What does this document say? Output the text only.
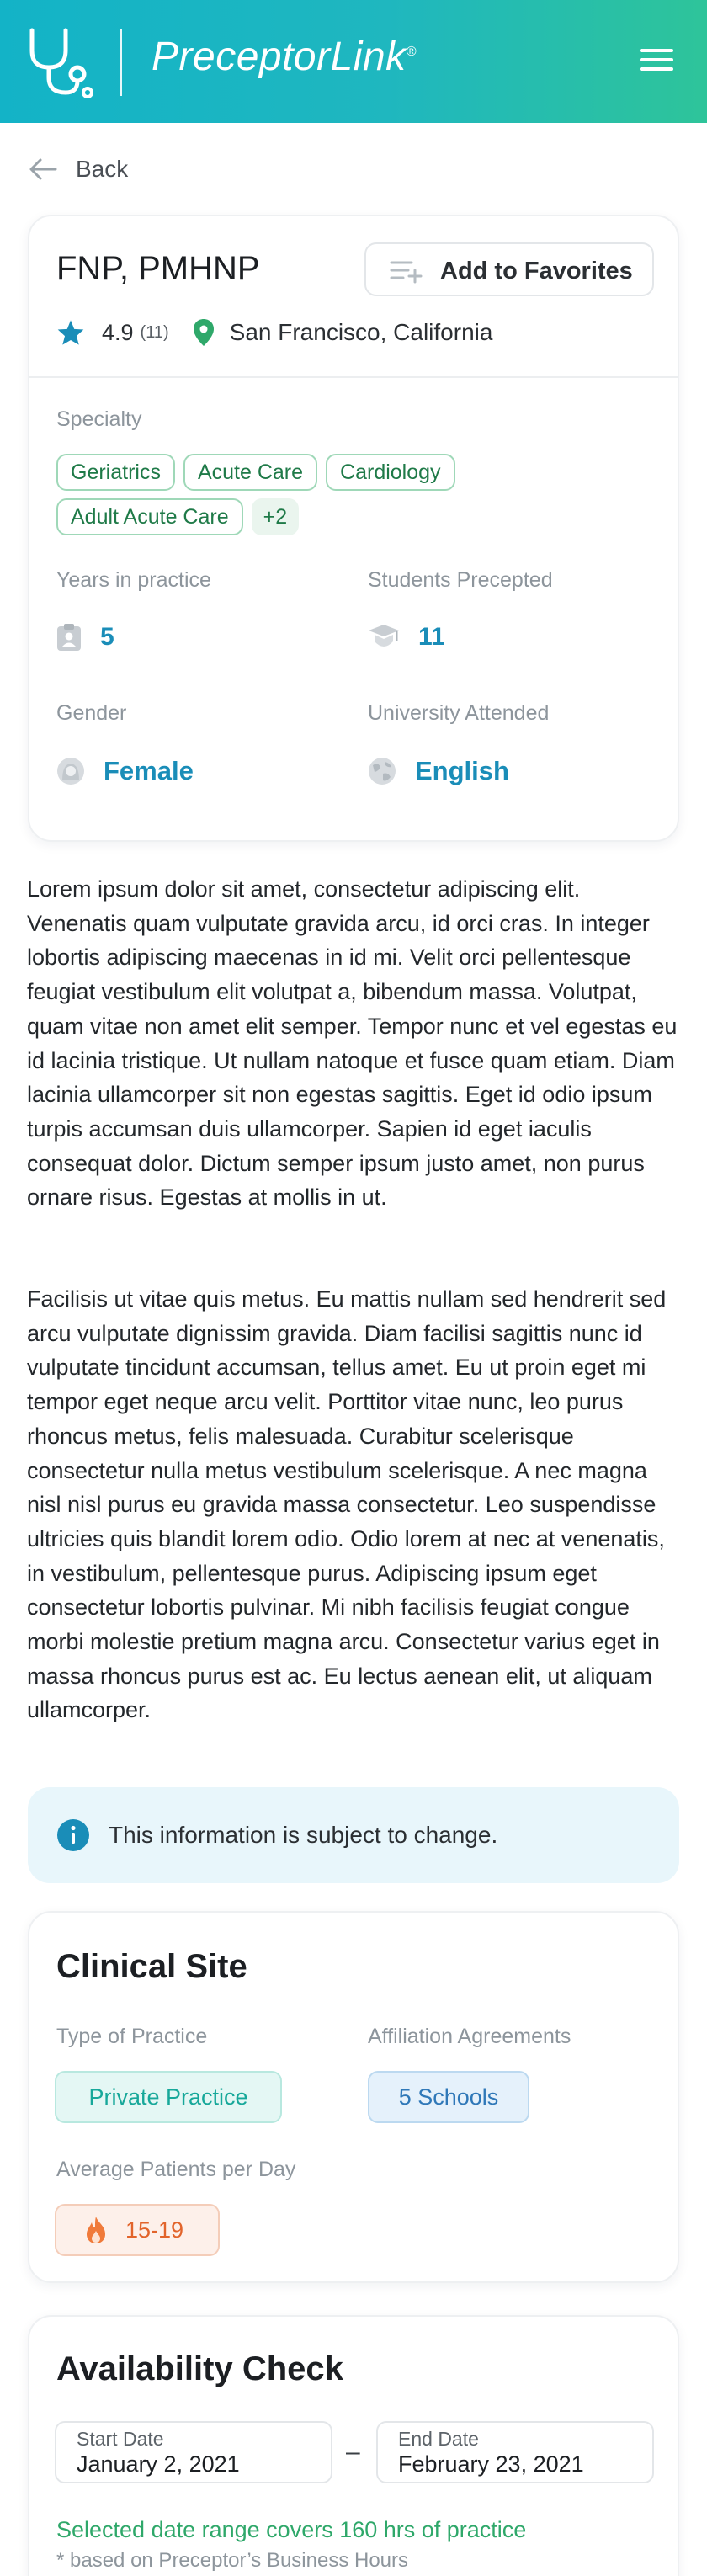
PreceptorLink®
Back
FNP, PMHNP	Add to Favorites
4.9 (11)	San Francisco, California
Specialty
Geriatrics	Acute Care	Cardiology
Adult Acute Care	+2
Years in practice
5
Students Precepted
11
Gender
Female
University Attended
English
Lorem ipsum dolor sit amet, consectetur adipiscing elit. Venenatis quam vulputate gravida arcu, id orci cras. In integer lobortis adipiscing maecenas in id mi. Velit orci pellentesque feugiat vestibulum elit volutpat a, bibendum massa. Volutpat, quam vitae non amet elit semper. Tempor nunc et vel egestas eu id lacinia tristique. Ut nullam natoque et fusce quam etiam. Diam lacinia ullamcorper sit non egestas sagittis. Eget id odio ipsum turpis accumsan duis ullamcorper. Sapien id eget iaculis consequat dolor. Dictum semper ipsum justo amet, non purus ornare risus. Egestas at mollis in ut.
Facilisis ut vitae quis metus. Eu mattis nullam sed hendrerit sed arcu vulputate dignissim gravida. Diam facilisi sagittis nunc id vulputate tincidunt accumsan, tellus amet. Eu ut proin eget mi tempor eget neque arcu velit. Porttitor vitae nunc, leo purus rhoncus metus, felis malesuada. Curabitur scelerisque consectetur nulla metus vestibulum scelerisque. A nec magna nisl nisl purus eu gravida massa consectetur. Leo suspendisse ultricies quis blandit lorem odio. Odio lorem at nec at venenatis, in vestibulum, pellentesque purus. Adipiscing ipsum eget consectetur lobortis pulvinar. Mi nibh facilisis feugiat congue morbi molestie pretium magna arcu. Consectetur varius eget in massa rhoncus purus est ac. Eu lectus aenean elit, ut aliquam ullamcorper.
This information is subject to change.
Clinical Site
Type of Practice
Private Practice
Affiliation Agreements
5 Schools
Average Patients per Day
15-19
Availability Check
Start Date
January 2, 2021	– End Date
February 23, 2021
Selected date range covers 160 hrs of practice
* based on Preceptor’s Business Hours
